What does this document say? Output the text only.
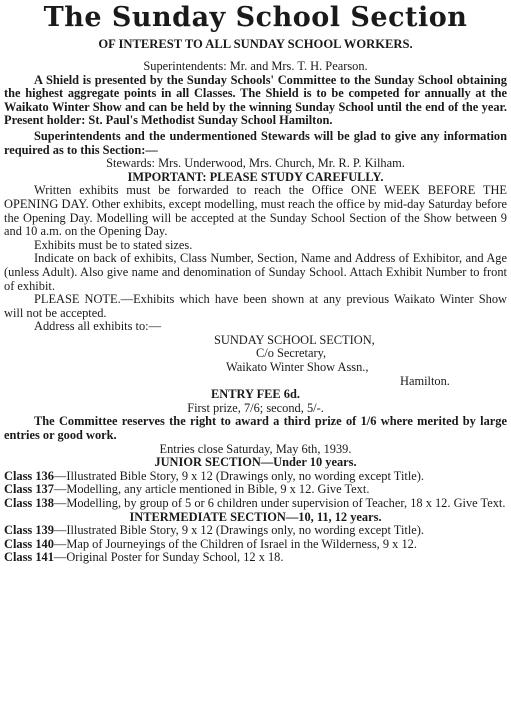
The Sunday School Section
OF INTEREST TO ALL SUNDAY SCHOOL WORKERS.
Superintendents: Mr. and Mrs. T. H. Pearson.
A Shield is presented by the Sunday Schools' Committee to the Sunday School obtaining the highest aggregate points in all Classes. The Shield is to be competed for annually at the Waikato Winter Show and can be held by the winning Sunday School until the end of the year. Present holder: St. Paul's Methodist Sunday School Hamilton.
Superintendents and the undermentioned Stewards will be glad to give any information required as to this Section:—
Stewards: Mrs. Underwood, Mrs. Church, Mr. R. P. Kilham.
IMPORTANT: PLEASE STUDY CAREFULLY.
Written exhibits must be forwarded to reach the Office ONE WEEK BEFORE THE OPENING DAY. Other exhibits, except modelling, must reach the office by mid-day Saturday before the Opening Day. Modelling will be accepted at the Sunday School Section of the Show between 9 and 10 a.m. on the Opening Day.
Exhibits must be to stated sizes.
Indicate on back of exhibits, Class Number, Section, Name and Address of Exhibitor, and Age (unless Adult). Also give name and denomination of Sunday School. Attach Exhibit Number to front of exhibit.
PLEASE NOTE.—Exhibits which have been shown at any previous Waikato Winter Show will not be accepted.
Address all exhibits to:—
SUNDAY SCHOOL SECTION,
C/o Secretary,
Waikato Winter Show Assn.,
Hamilton.
ENTRY FEE 6d.
First prize, 7/6; second, 5/-.
The Committee reserves the right to award a third prize of 1/6 where merited by large entries or good work.
Entries close Saturday, May 6th, 1939.
JUNIOR SECTION—Under 10 years.
Class 136—Illustrated Bible Story, 9 x 12 (Drawings only, no wording except Title).
Class 137—Modelling, any article mentioned in Bible, 9 x 12. Give Text.
Class 138—Modelling, by group of 5 or 6 children under supervision of Teacher, 18 x 12. Give Text.
INTERMEDIATE SECTION—10, 11, 12 years.
Class 139—Illustrated Bible Story, 9 x 12 (Drawings only, no wording except Title).
Class 140—Map of Journeyings of the Children of Israel in the Wilderness, 9 x 12.
Class 141—Original Poster for Sunday School, 12 x 18.
